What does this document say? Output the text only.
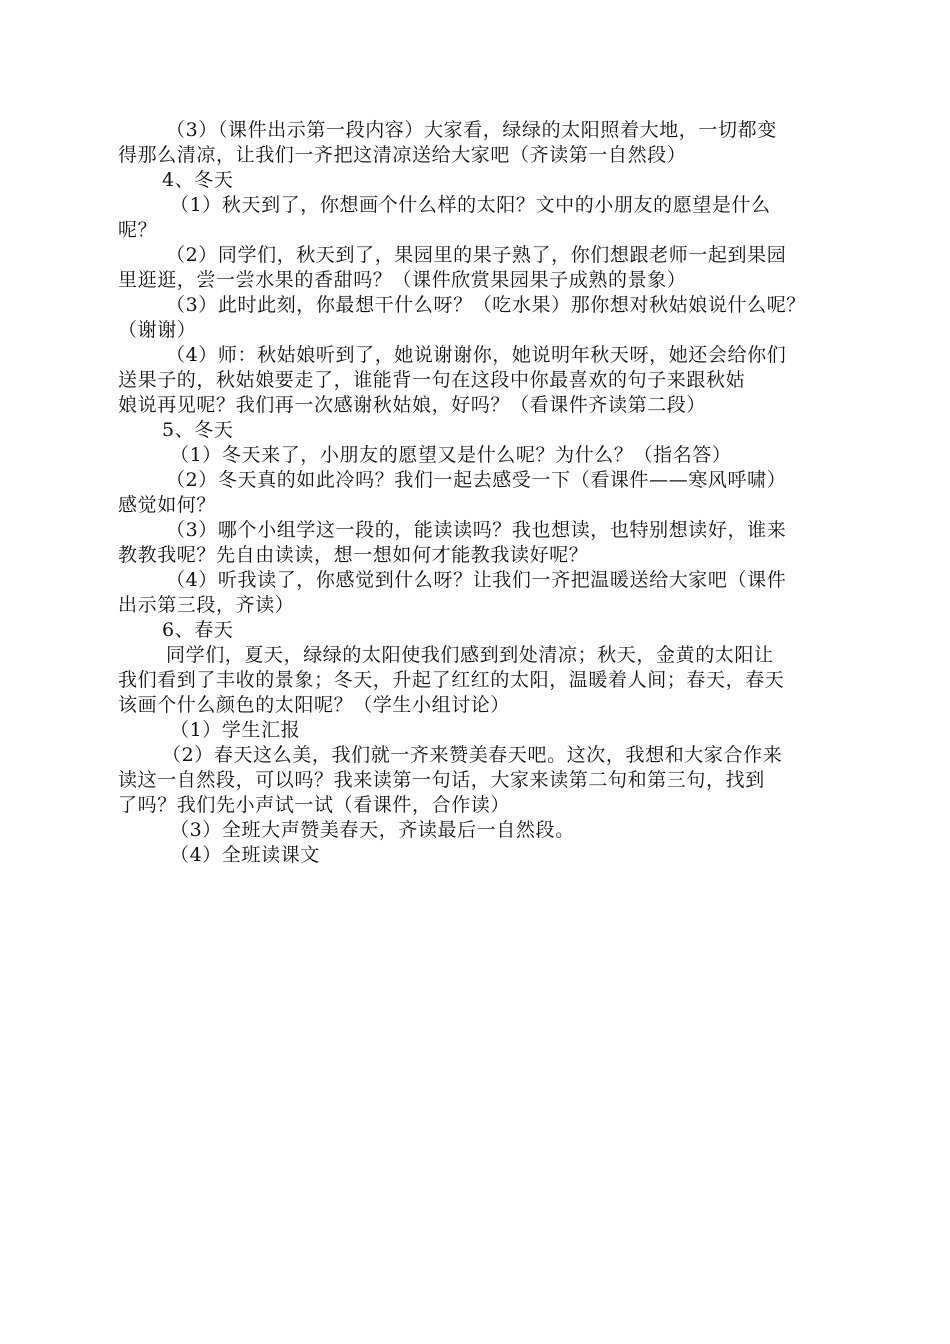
（3）（课件出示第一段内容）大家看，绿绿的太阳照着大地，一切都变

得那么清凉，让我们一齐把这清凉送给大家吧（齐读第一自然段）

4、冬天

（1）秋天到了，你想画个什么样的太阳？文中的小朋友的愿望是什么

呢？

（2）同学们，秋天到了，果园里的果子熟了，你们想跟老师一起到果园

里逛逛，尝一尝水果的香甜吗？（课件欣赏果园果子成熟的景象）

（3）此时此刻，你最想干什么呀？（吃水果）那你想对秋姑娘说什么呢？

（谢谢）

（4）师：秋姑娘听到了，她说谢谢你，她说明年秋天呀，她还会给你们

送果子的，秋姑娘要走了，谁能背一句在这段中你最喜欢的句子来跟秋姑

娘说再见呢？我们再一次感谢秋姑娘，好吗？（看课件齐读第二段）

5、冬天

（1）冬天来了，小朋友的愿望又是什么呢？为什么？（指名答）

（2）冬天真的如此冷吗？我们一起去感受一下（看课件——寒风呼啸）

感觉如何？

（3）哪个小组学这一段的，能读读吗？我也想读，也特别想读好，谁来

教教我呢？先自由读读，想一想如何才能教我读好呢？

（4）听我读了，你感觉到什么呀？让我们一齐把温暖送给大家吧（课件

出示第三段，齐读）

6、春天

同学们，夏天，绿绿的太阳使我们感到到处清凉；秋天，金黄的太阳让

我们看到了丰收的景象；冬天，升起了红红的太阳，温暖着人间；春天，春天

该画个什么颜色的太阳呢？（学生小组讨论）

（1）学生汇报

（2）春天这么美，我们就一齐来赞美春天吧。这次，我想和大家合作来

读这一自然段，可以吗？我来读第一句话，大家来读第二句和第三句，找到

了吗？我们先小声试一试（看课件，合作读）

（3）全班大声赞美春天，齐读最后一自然段。

（4）全班读课文
